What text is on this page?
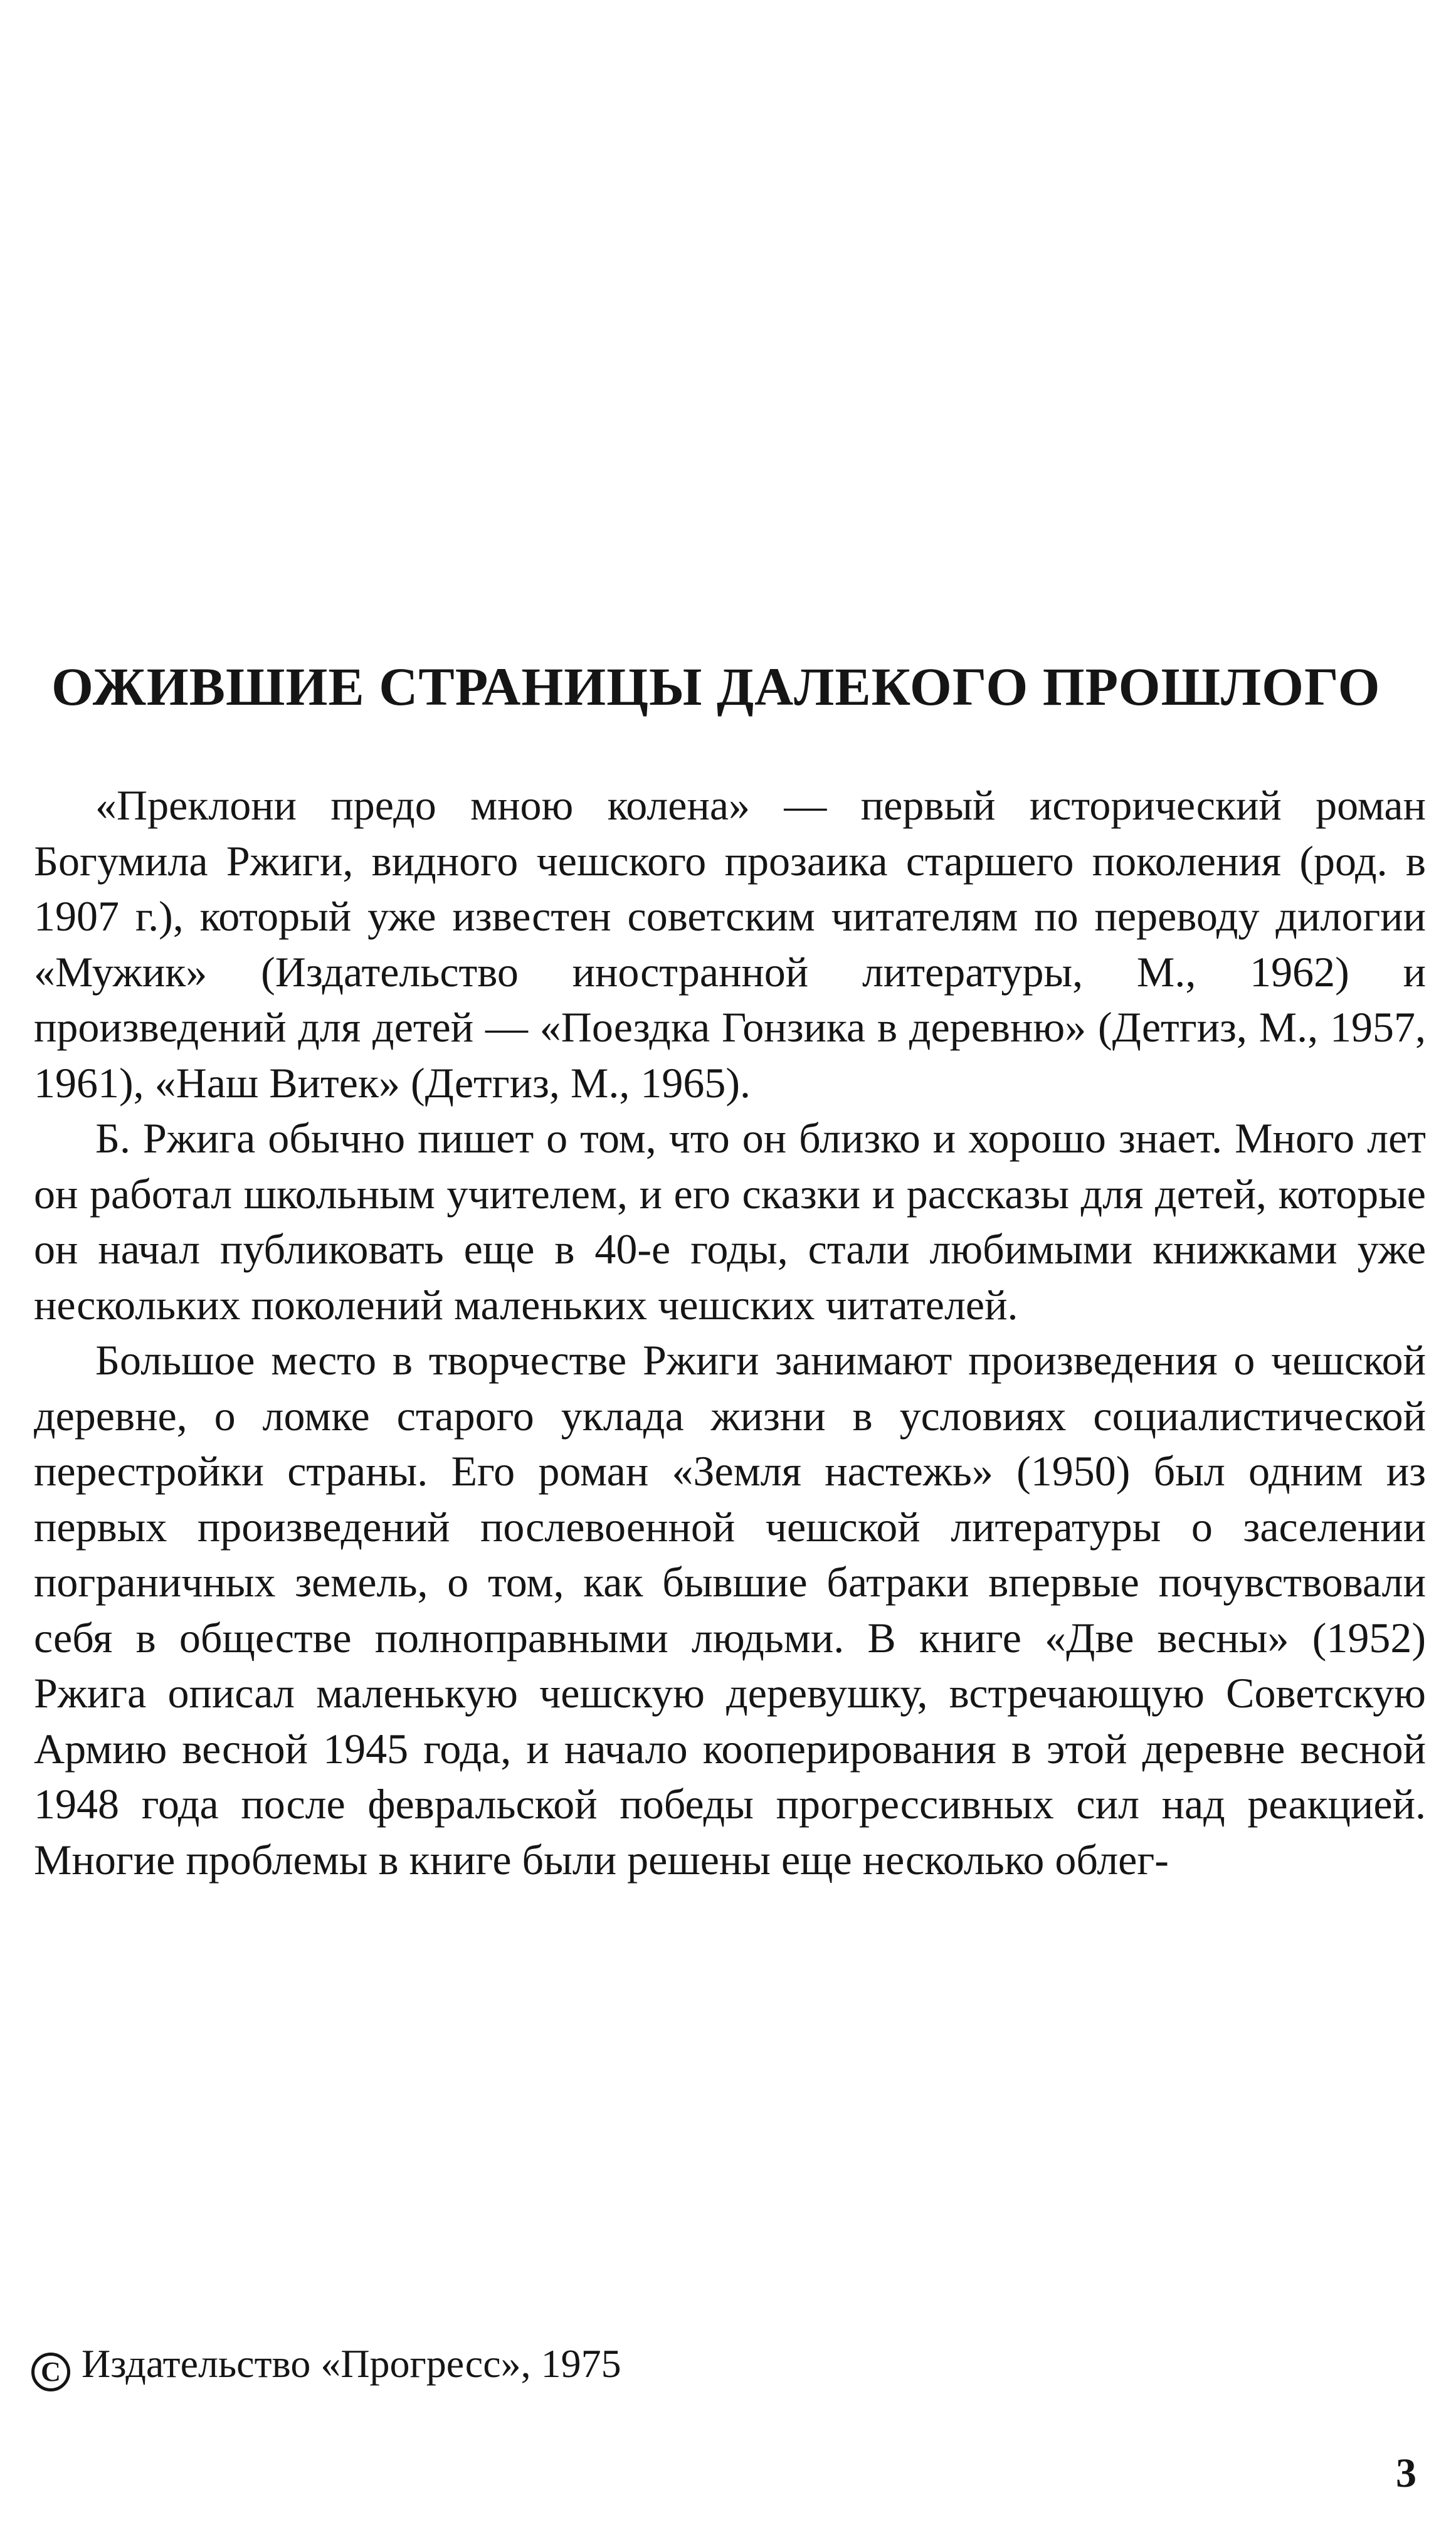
ОЖИВШИЕ СТРАНИЦЫ ДАЛЕКОГО ПРОШЛОГО

«Преклони предо мною колена» — первый исторический роман Богумила Ржиги, видного чешского прозаика старшего поколения (род. в 1907 г.), который уже известен советским читателям по переводу дилогии «Мужик» (Издательство иностранной литературы, М., 1962) и произведений для детей — «Поездка Гонзика в деревню» (Детгиз, М., 1957, 1961), «Наш Витек» (Детгиз, М., 1965).

Б. Ржига обычно пишет о том, что он близко и хорошо знает. Много лет он работал школьным учителем, и его сказки и рассказы для детей, которые он начал публиковать еще в 40-е годы, стали любимыми книжками уже нескольких поколений маленьких чешских читателей.

Большое место в творчестве Ржиги занимают произведения о чешской деревне, о ломке старого уклада жизни в условиях социалистической перестройки страны. Его роман «Земля настежь» (1950) был одним из первых произведений послевоенной чешской литературы о заселении пограничных земель, о том, как бывшие батраки впервые почувствовали себя в обществе полноправными людьми. В книге «Две весны» (1952) Ржига описал маленькую чешскую деревушку, встречающую Советскую Армию весной 1945 года, и начало кооперирования в этой деревне весной 1948 года после февральской победы прогрессивных сил над реакцией. Многие проблемы в книге были решены еще несколько облег-

C Издательство «Прогресс», 1975
3
